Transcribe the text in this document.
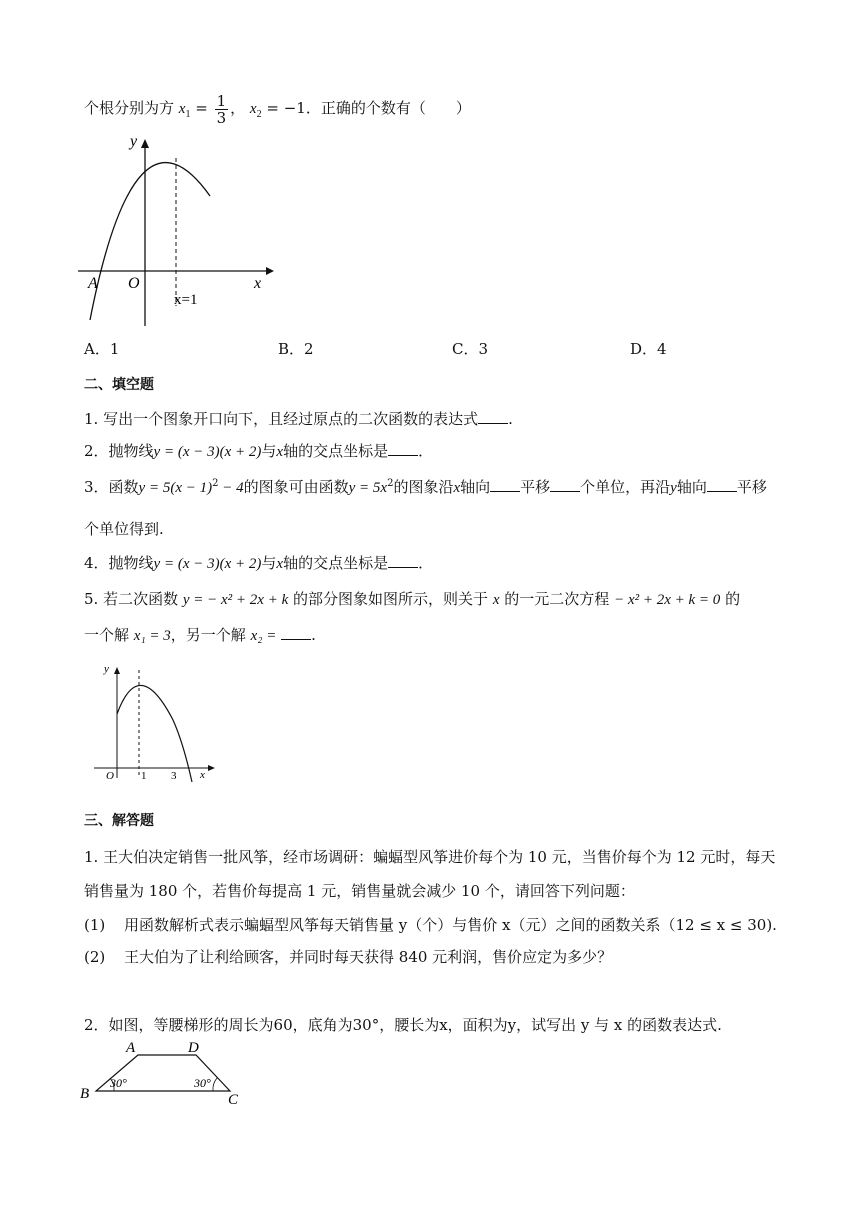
个根分别为方 $x_1 = \frac{1}{3}$ ， $x_2 = -1$．正确的个数有（　　）
y
x
A O
x=1
A．1	B．2	C．3	D．4
二、填空题
1. 写出一个图象开口向下，且经过原点的二次函数的表达式 .
2．抛物线y = (x − 3)(x + 2)与x轴的交点坐标是 ．
3．函数$y = 5(x - 1)^2 - 4$的图象可由函数$y = 5x^2$的图象沿x轴向 平移 个单位，再沿y轴向 平移
个单位得到.
4．抛物线y = (x − 3)(x + 2)与x轴的交点坐标是 ．
5. 若二次函数 y = − x² + 2x + k 的部分图象如图所示，则关于 x 的一元二次方程 − x² + 2x + k = 0 的
一个解 x₁ = 3，另一个解 x₂ = .
y
O 1 3 x
三、解答题
1. 王大伯决定销售一批风筝，经市场调研：蝙蝠型风筝进价每个为 10 元，当售价每个为 12 元时，每天
销售量为 180 个，若售价每提高 1 元，销售量就会减少 10 个，请回答下列问题：
(1) 用函数解析式表示蝙蝠型风筝每天销售量 y（个）与售价 x（元）之间的函数关系（12 ≤ x ≤ 30).
(2) 王大伯为了让利给顾客，并同时每天获得 840 元利润，售价应定为多少？
2．如图，等腰梯形的周长为60，底角为30°，腰长为x，面积为y，试写出 y 与 x 的函数表达式.
A	D
B	C
30°	30°
